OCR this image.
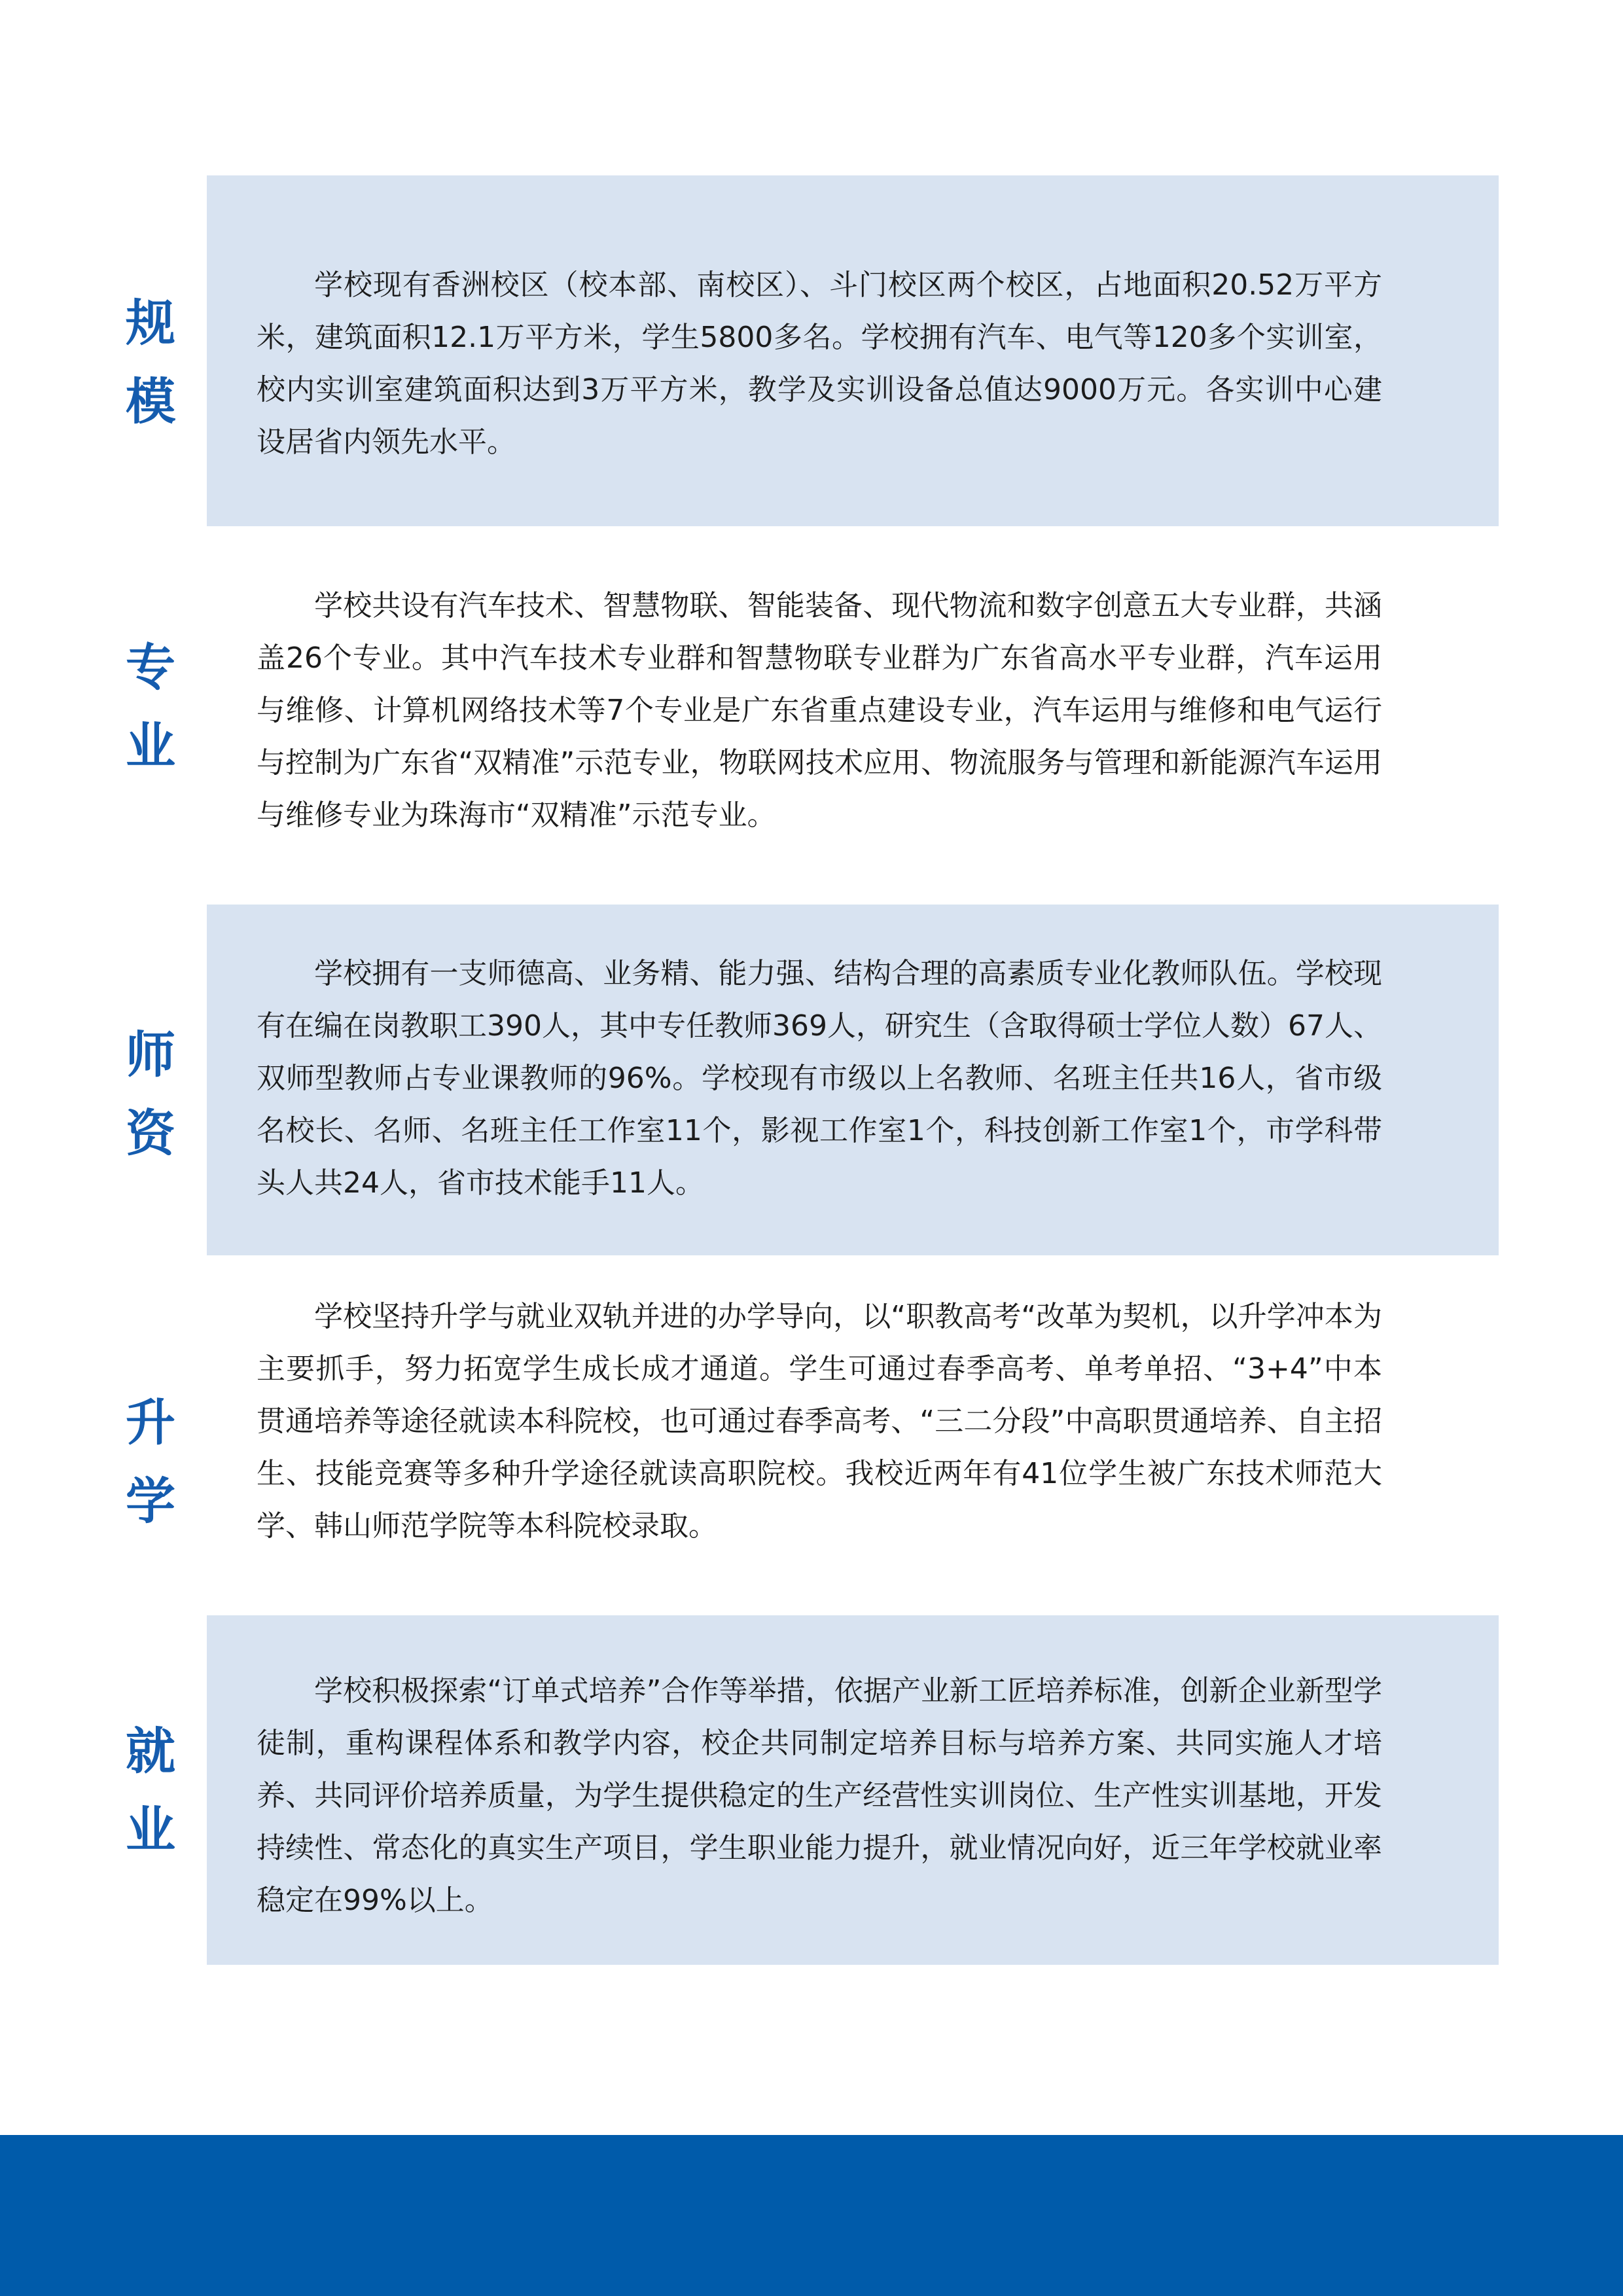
规
模

学校现有香洲校区（校本部、南校区）、斗门校区两个校区，占地面积20.52万平方米，建筑面积12.1万平方米，学生5800多名。学校拥有汽车、电气等120多个实训室，校内实训室建筑面积达到3万平方米，教学及实训设备总值达9000万元。各实训中心建设居省内领先水平。

专
业

学校共设有汽车技术、智慧物联、智能装备、现代物流和数字创意五大专业群，共涵盖26个专业。其中汽车技术专业群和智慧物联专业群为广东省高水平专业群，汽车运用与维修、计算机网络技术等7个专业是广东省重点建设专业，汽车运用与维修和电气运行与控制为广东省“双精准”示范专业，物联网技术应用、物流服务与管理和新能源汽车运用与维修专业为珠海市“双精准”示范专业。

师
资

学校拥有一支师德高、业务精、能力强、结构合理的高素质专业化教师队伍。学校现有在编在岗教职工390人，其中专任教师369人，研究生（含取得硕士学位人数）67人、双师型教师占专业课教师的96%。学校现有市级以上名教师、名班主任共16人，省市级名校长、名师、名班主任工作室11个，影视工作室1个，科技创新工作室1个，市学科带头人共24人，省市技术能手11人。

升
学

学校坚持升学与就业双轨并进的办学导向，以“职教高考“改革为契机，以升学冲本为主要抓手，努力拓宽学生成长成才通道。学生可通过春季高考、单考单招、“3+4”中本贯通培养等途径就读本科院校，也可通过春季高考、“三二分段”中高职贯通培养、自主招生、技能竞赛等多种升学途径就读高职院校。我校近两年有41位学生被广东技术师范大学、韩山师范学院等本科院校录取。

就
业

学校积极探索“订单式培养”合作等举措，依据产业新工匠培养标准，创新企业新型学徒制，重构课程体系和教学内容，校企共同制定培养目标与培养方案、共同实施人才培养、共同评价培养质量，为学生提供稳定的生产经营性实训岗位、生产性实训基地，开发持续性、常态化的真实生产项目，学生职业能力提升，就业情况向好，近三年学校就业率稳定在99%以上。
